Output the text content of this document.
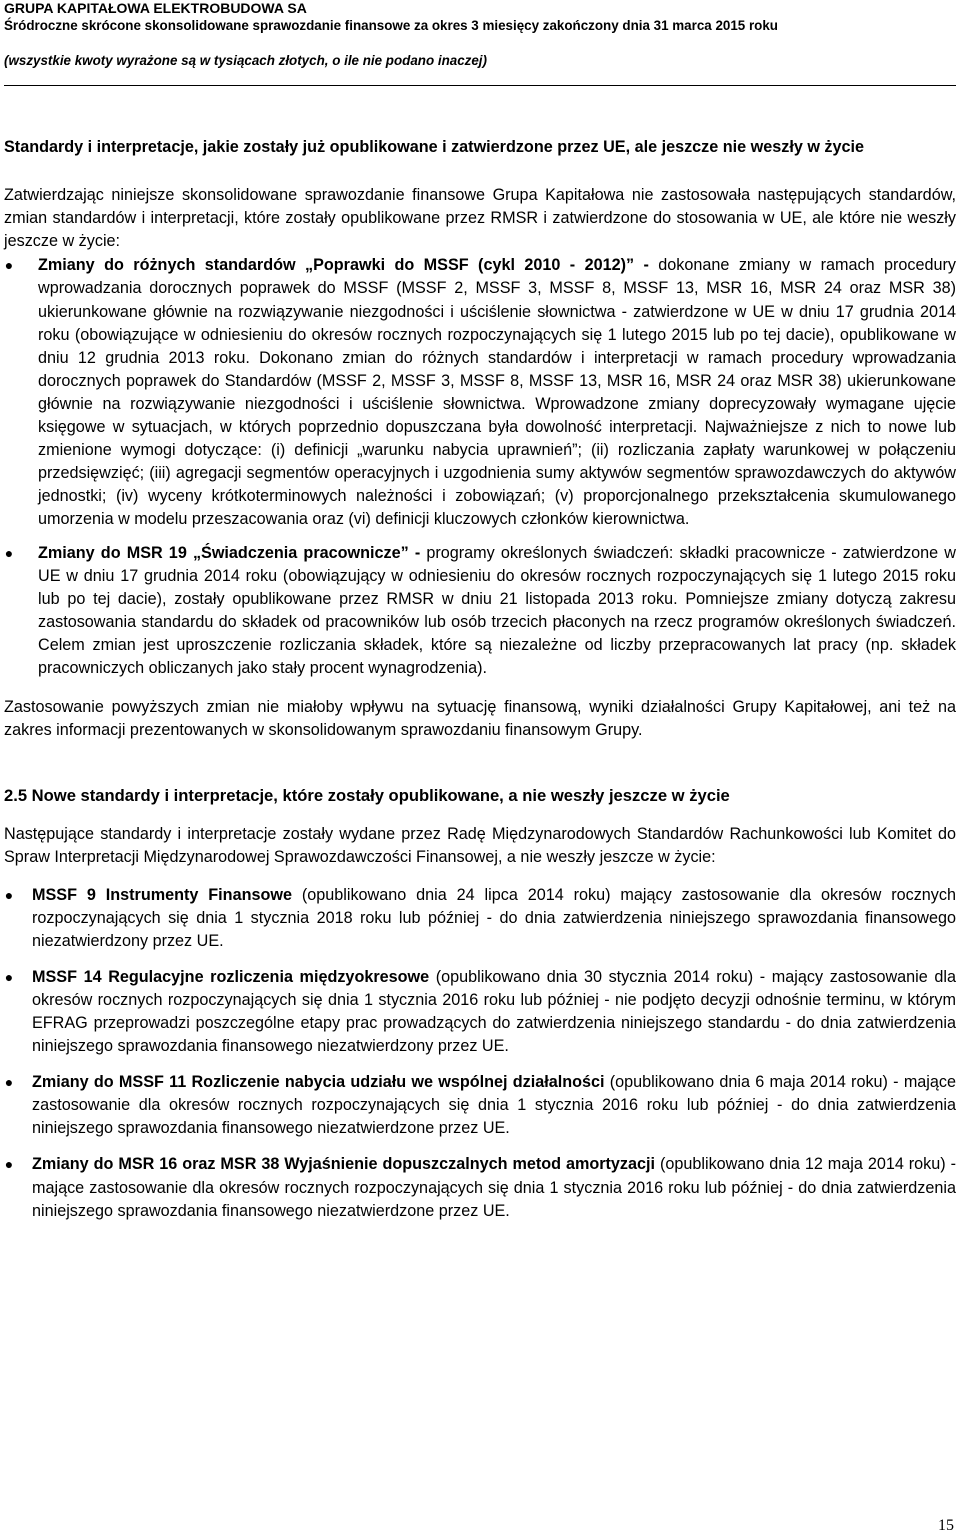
GRUPA KAPITAŁOWA ELEKTROBUDOWA SA
Śródroczne skrócone skonsolidowane sprawozdanie finansowe za okres 3 miesięcy zakończony dnia 31 marca 2015 roku
(wszystkie kwoty wyrażone są w tysiącach złotych, o ile nie podano inaczej)

Standardy i interpretacje, jakie zostały już opublikowane i zatwierdzone przez UE, ale jeszcze nie weszły w życie

Zatwierdzając niniejsze skonsolidowane sprawozdanie finansowe Grupa Kapitałowa nie zastosowała następujących standardów, zmian standardów i interpretacji, które zostały opublikowane przez RMSR i zatwierdzone do stosowania w UE, ale które nie weszły jeszcze w życie:

● Zmiany do różnych standardów „Poprawki do MSSF (cykl 2010 - 2012)” - dokonane zmiany w ramach procedury wprowadzania dorocznych poprawek do MSSF (MSSF 2, MSSF 3, MSSF 8, MSSF 13, MSR 16, MSR 24 oraz MSR 38) ukierunkowane głównie na rozwiązywanie niezgodności i uściślenie słownictwa - zatwierdzone w UE w dniu 17 grudnia 2014 roku (obowiązujące w odniesieniu do okresów rocznych rozpoczynających się 1 lutego 2015 lub po tej dacie), opublikowane w dniu 12 grudnia 2013 roku. Dokonano zmian do różnych standardów i interpretacji w ramach procedury wprowadzania dorocznych poprawek do Standardów (MSSF 2, MSSF 3, MSSF 8, MSSF 13, MSR 16, MSR 24 oraz MSR 38) ukierunkowane głównie na rozwiązywanie niezgodności i uściślenie słownictwa. Wprowadzone zmiany doprecyzowały wymagane ujęcie księgowe w sytuacjach, w których poprzednio dopuszczana była dowolność interpretacji. Najważniejsze z nich to nowe lub zmienione wymogi dotyczące: (i) definicji „warunku nabycia uprawnień”; (ii) rozliczania zapłaty warunkowej w połączeniu przedsięwzięć; (iii) agregacji segmentów operacyjnych i uzgodnienia sumy aktywów segmentów sprawozdawczych do aktywów jednostki; (iv) wyceny krótkoterminowych należności i zobowiązań; (v) proporcjonalnego przekształcenia skumulowanego umorzenia w modelu przeszacowania oraz (vi) definicji kluczowych członków kierownictwa.
● Zmiany do MSR 19 „Świadczenia pracownicze” - programy określonych świadczeń: składki pracownicze - zatwierdzone w UE w dniu 17 grudnia 2014 roku (obowiązujący w odniesieniu do okresów rocznych rozpoczynających się 1 lutego 2015 roku lub po tej dacie), zostały opublikowane przez RMSR w dniu 21 listopada 2013 roku. Pomniejsze zmiany dotyczą zakresu zastosowania standardu do składek od pracowników lub osób trzecich płaconych na rzecz programów określonych świadczeń. Celem zmian jest uproszczenie rozliczania składek, które są niezależne od liczby przepracowanych lat pracy (np. składek pracowniczych obliczanych jako stały procent wynagrodzenia).

Zastosowanie powyższych zmian nie miałoby wpływu na sytuację finansową, wyniki działalności Grupy Kapitałowej, ani też na zakres informacji prezentowanych w skonsolidowanym sprawozdaniu finansowym Grupy.

2.5 Nowe standardy i interpretacje, które zostały opublikowane, a nie weszły jeszcze w życie

Następujące standardy i interpretacje zostały wydane przez Radę Międzynarodowych Standardów Rachunkowości lub Komitet do Spraw Interpretacji Międzynarodowej Sprawozdawczości Finansowej, a nie weszły jeszcze w życie:

● MSSF 9 Instrumenty Finansowe (opublikowano dnia 24 lipca 2014 roku) mający zastosowanie dla okresów rocznych rozpoczynających się dnia 1 stycznia 2018 roku lub później - do dnia zatwierdzenia niniejszego sprawozdania finansowego niezatwierdzony przez UE.
● MSSF 14 Regulacyjne rozliczenia międzyokresowe (opublikowano dnia 30 stycznia 2014 roku) - mający zastosowanie dla okresów rocznych rozpoczynających się dnia 1 stycznia 2016 roku lub później - nie podjęto decyzji odnośnie terminu, w którym EFRAG przeprowadzi poszczególne etapy prac prowadzących do zatwierdzenia niniejszego standardu - do dnia zatwierdzenia niniejszego sprawozdania finansowego niezatwierdzony przez UE.
● Zmiany do MSSF 11 Rozliczenie nabycia udziału we wspólnej działalności (opublikowano dnia 6 maja 2014 roku) - mające zastosowanie dla okresów rocznych rozpoczynających się dnia 1 stycznia 2016 roku lub później - do dnia zatwierdzenia niniejszego sprawozdania finansowego niezatwierdzone przez UE.
● Zmiany do MSR 16 oraz MSR 38 Wyjaśnienie dopuszczalnych metod amortyzacji (opublikowano dnia 12 maja 2014 roku) - mające zastosowanie dla okresów rocznych rozpoczynających się dnia 1 stycznia 2016 roku lub później - do dnia zatwierdzenia niniejszego sprawozdania finansowego niezatwierdzone przez UE.
15
